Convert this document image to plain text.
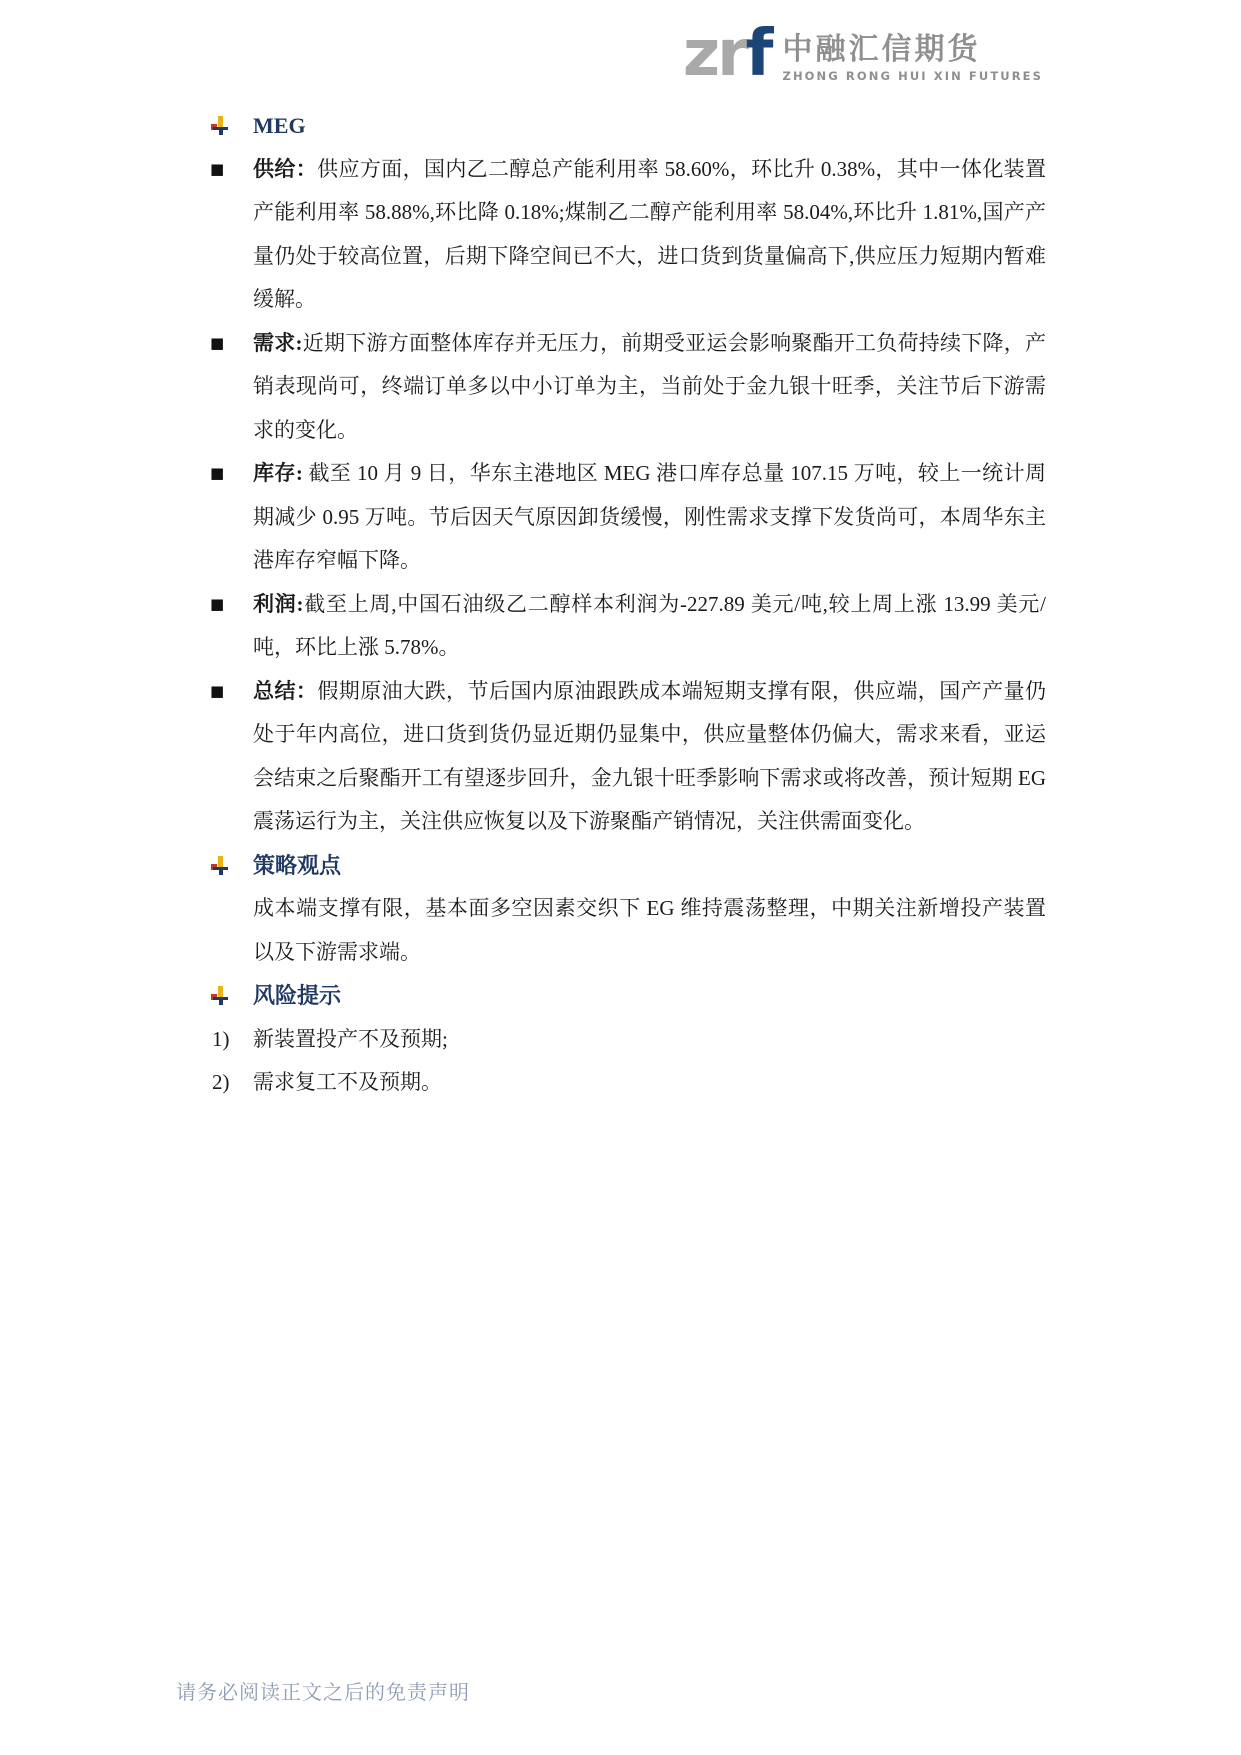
zrf 中融汇信期货
ZHONG RONG HUI XIN FUTURES
MEG

■ 供给：供应方面，国内乙二醇总产能利用率 58.60%，环比升 0.38%，其中一体化装置产能利用率 58.88%,环比降 0.18%;煤制乙二醇产能利用率 58.04%,环比升 1.81%,国产产量仍处于较高位置，后期下降空间已不大，进口货到货量偏高下,供应压力短期内暂难缓解。

■ 需求:近期下游方面整体库存并无压力，前期受亚运会影响聚酯开工负荷持续下降，产销表现尚可，终端订单多以中小订单为主，当前处于金九银十旺季，关注节后下游需求的变化。

■ 库存: 截至 10 月 9 日，华东主港地区 MEG 港口库存总量 107.15 万吨，较上一统计周期减少 0.95 万吨。节后因天气原因卸货缓慢，刚性需求支撑下发货尚可，本周华东主港库存窄幅下降。

■ 利润:截至上周,中国石油级乙二醇样本利润为-227.89 美元/吨,较上周上涨 13.99 美元/吨，环比上涨 5.78%。

■ 总结：假期原油大跌，节后国内原油跟跌成本端短期支撑有限，供应端，国产产量仍处于年内高位，进口货到货仍显近期仍显集中，供应量整体仍偏大，需求来看，亚运会结束之后聚酯开工有望逐步回升，金九银十旺季影响下需求或将改善，预计短期 EG 震荡运行为主，关注供应恢复以及下游聚酯产销情况，关注供需面变化。

策略观点

成本端支撑有限，基本面多空因素交织下 EG 维持震荡整理，中期关注新增投产装置以及下游需求端。

风险提示

1) 新装置投产不及预期;

2) 需求复工不及预期。

请务必阅读正文之后的免责声明
